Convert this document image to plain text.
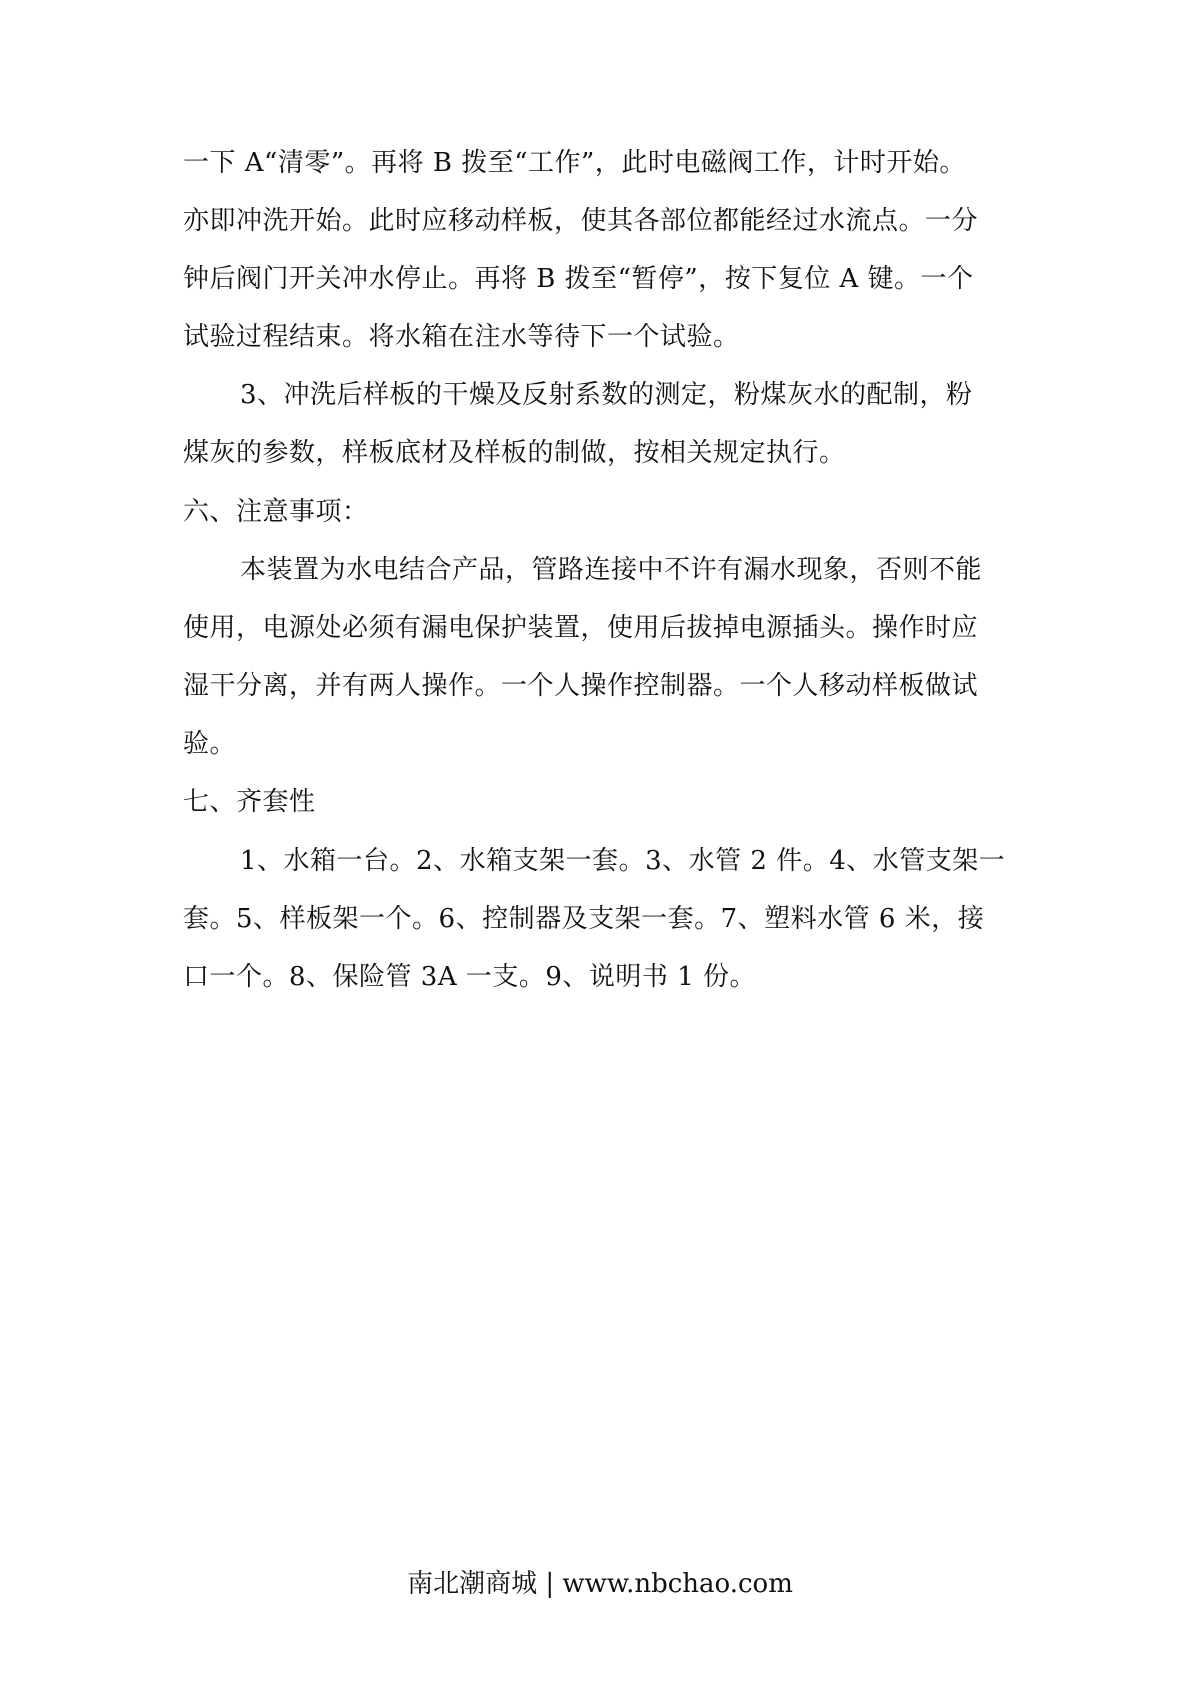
一下 A“清零”。再将 B 拨至“工作”，此时电磁阀工作，计时开始。
亦即冲洗开始。此时应移动样板，使其各部位都能经过水流点。一分
钟后阀门开关冲水停止。再将 B 拨至“暂停”，按下复位 A 键。一个
试验过程结束。将水箱在注水等待下一个试验。
3、冲洗后样板的干燥及反射系数的测定，粉煤灰水的配制，粉
煤灰的参数，样板底材及样板的制做，按相关规定执行。
六、注意事项：
本装置为水电结合产品，管路连接中不许有漏水现象，否则不能
使用，电源处必须有漏电保护装置，使用后拔掉电源插头。操作时应
湿干分离，并有两人操作。一个人操作控制器。一个人移动样板做试
验。
七、齐套性
1、水箱一台。2、水箱支架一套。3、水管 2 件。4、水管支架一
套。5、样板架一个。6、控制器及支架一套。7、塑料水管 6 米，接
口一个。8、保险管 3A 一支。9、说明书 1 份。
南北潮商城 | www.nbchao.com
